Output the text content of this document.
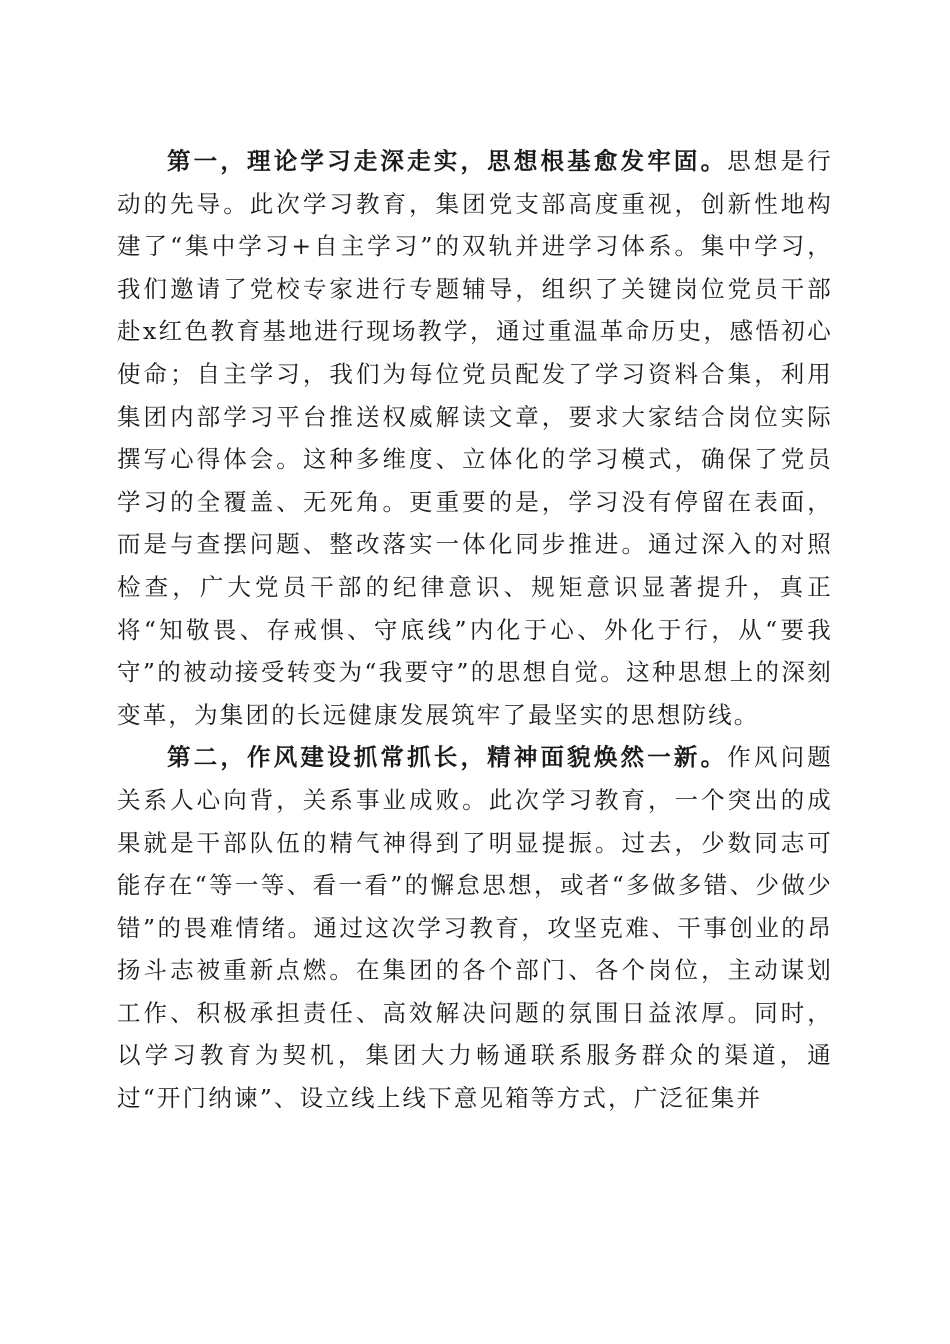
第一，理论学习走深走实，思想根基愈发牢固。思想是行动的先导。此次学习教育，集团党支部高度重视，创新性地构建了“集中学习+自主学习”的双轨并进学习体系。集中学习，我们邀请了党校专家进行专题辅导，组织了关键岗位党员干部赴x红色教育基地进行现场教学，通过重温革命历史，感悟初心使命；自主学习，我们为每位党员配发了学习资料合集，利用集团内部学习平台推送权威解读文章，要求大家结合岗位实际撰写心得体会。这种多维度、立体化的学习模式，确保了党员学习的全覆盖、无死角。更重要的是，学习没有停留在表面，而是与查摆问题、整改落实一体化同步推进。通过深入的对照检查，广大党员干部的纪律意识、规矩意识显著提升，真正将“知敬畏、存戒惧、守底线”内化于心、外化于行，从“要我守”的被动接受转变为“我要守”的思想自觉。这种思想上的深刻变革，为集团的长远健康发展筑牢了最坚实的思想防线。

第二，作风建设抓常抓长，精神面貌焕然一新。作风问题关系人心向背，关系事业成败。此次学习教育，一个突出的成果就是干部队伍的精气神得到了明显提振。过去，少数同志可能存在“等一等、看一看”的懈怠思想，或者“多做多错、少做少错”的畏难情绪。通过这次学习教育，攻坚克难、干事创业的昂扬斗志被重新点燃。在集团的各个部门、各个岗位，主动谋划工作、积极承担责任、高效解决问题的氛围日益浓厚。同时，以学习教育为契机，集团大力畅通联系服务群众的渠道，通过“开门纳谏”、设立线上线下意见箱等方式，广泛征集并
